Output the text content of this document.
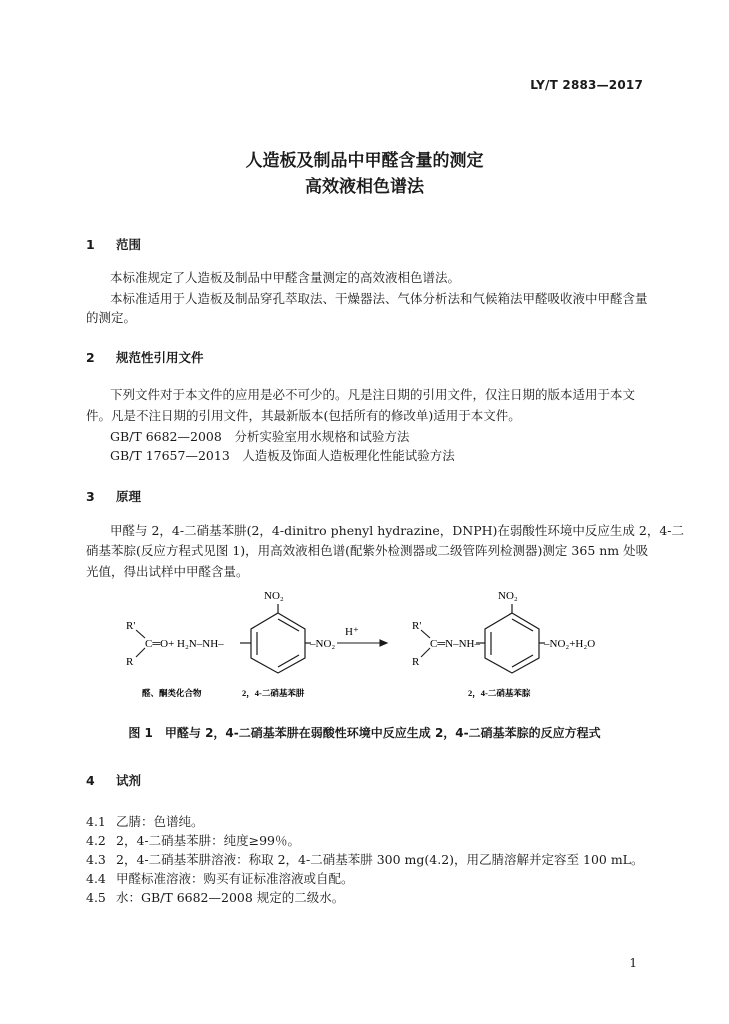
LY/T 2883—2017
人造板及制品中甲醛含量的测定
高效液相色谱法
1 范围
本标准规定了人造板及制品中甲醛含量测定的高效液相色谱法。
本标准适用于人造板及制品穿孔萃取法、干燥器法、气体分析法和气候箱法甲醛吸收液中甲醛含量
的测定。
2 规范性引用文件
下列文件对于本文件的应用是必不可少的。凡是注日期的引用文件，仅注日期的版本适用于本文
件。凡是不注日期的引用文件，其最新版本(包括所有的修改单)适用于本文件。
GB/T 6682—2008　分析实验室用水规格和试验方法
GB/T 17657—2013　人造板及饰面人造板理化性能试验方法
3 原理
甲醛与 2，4-二硝基苯肼(2，4-dinitro phenyl hydrazine，DNPH)在弱酸性环境中反应生成 2，4-二
硝基苯腙(反应方程式见图 1)，用高效液相色谱(配紫外检测器或二级管阵列检测器)测定 365 nm 处吸
光值，得出试样中甲醛含量。
NO₂	NO₂
R'
R
C═O+ H₂N–NH–	–NO₂
H⁺	R'
R
C═N–NH–	–NO₂+H₂O
醛、酮类化合物	2，4-二硝基苯肼	2，4-二硝基苯腙
图 1　甲醛与 2，4-二硝基苯肼在弱酸性环境中反应生成 2，4-二硝基苯腙的反应方程式
4 试剂
4.1 乙腈：色谱纯。
4.2 2，4-二硝基苯肼：纯度≥99％。
4.3 2，4-二硝基苯肼溶液：称取 2，4-二硝基苯肼 300 mg(4.2)，用乙腈溶解并定容至 100 mL。
4.4 甲醛标准溶液：购买有证标准溶液或自配。
4.5 水：GB/T 6682—2008 规定的二级水。
1
